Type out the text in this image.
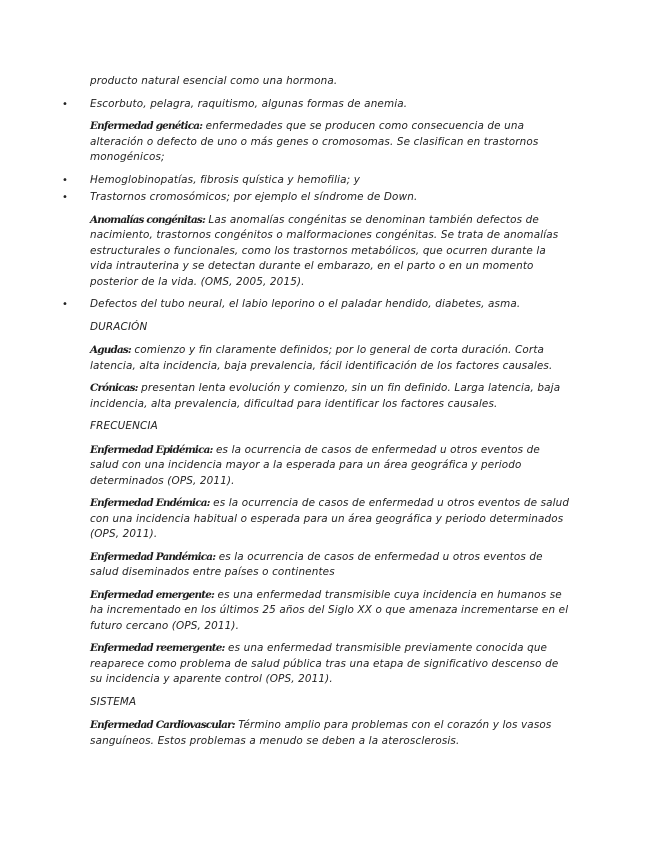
producto natural esencial como una hormona.

• Escorbuto, pelagra, raquitismo, algunas formas de anemia.

Enfermedad genética: enfermedades que se producen como consecuencia de una alteración o defecto de uno o más genes o cromosomas. Se clasifican en trastornos monogénicos;

• Hemoglobinopatías, fibrosis quística y hemofilia; y

• Trastornos cromosómicos; por ejemplo el síndrome de Down.

Anomalías congénitas: Las anomalías congénitas se denominan también defectos de nacimiento, trastornos congénitos o malformaciones congénitas. Se trata de anomalías estructurales o funcionales, como los trastornos metabólicos, que ocurren durante la vida intrauterina y se detectan durante el embarazo, en el parto o en un momento posterior de la vida. (OMS, 2005, 2015).

• Defectos del tubo neural, el labio leporino o el paladar hendido, diabetes, asma.

DURACIÓN

Agudas: comienzo y fin claramente definidos; por lo general de corta duración. Corta latencia, alta incidencia, baja prevalencia, fácil identificación de los factores causales.

Crónicas: presentan lenta evolución y comienzo, sin un fin definido. Larga latencia, baja incidencia, alta prevalencia, dificultad para identificar los factores causales.

FRECUENCIA

Enfermedad Epidémica: es la ocurrencia de casos de enfermedad u otros eventos de salud con una incidencia mayor a la esperada para un área geográfica y periodo determinados (OPS, 2011).

Enfermedad Endémica: es la ocurrencia de casos de enfermedad u otros eventos de salud con una incidencia habitual o esperada para un área geográfica y periodo determinados (OPS, 2011).

Enfermedad Pandémica: es la ocurrencia de casos de enfermedad u otros eventos de salud diseminados entre países o continentes

Enfermedad emergente: es una enfermedad transmisible cuya incidencia en humanos se ha incrementado en los últimos 25 años del Siglo XX o que amenaza incrementarse en el futuro cercano (OPS, 2011).

Enfermedad reemergente: es una enfermedad transmisible previamente conocida que reaparece como problema de salud pública tras una etapa de significativo descenso de su incidencia y aparente control (OPS, 2011).

SISTEMA

Enfermedad Cardiovascular: Término amplio para problemas con el corazón y los vasos sanguíneos. Estos problemas a menudo se deben a la aterosclerosis.
